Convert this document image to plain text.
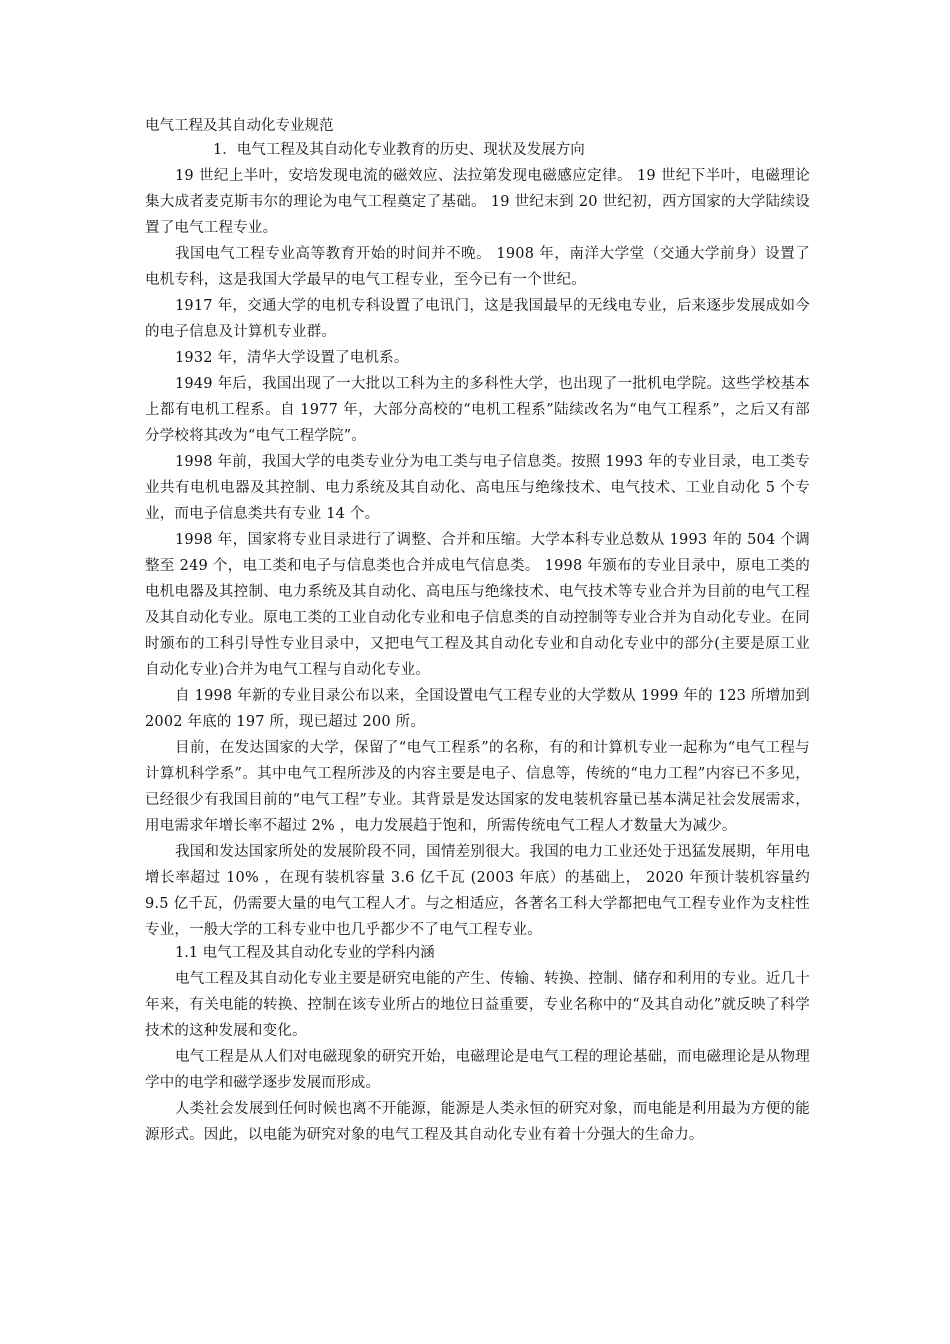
电气工程及其自动化专业规范
1．电气工程及其自动化专业教育的历史、现状及发展方向

19 世纪上半叶，安培发现电流的磁效应、法拉第发现电磁感应定律。 19 世纪下半叶，电磁理论集大成者麦克斯韦尔的理论为电气工程奠定了基础。 19 世纪末到 20 世纪初，西方国家的大学陆续设置了电气工程专业。

我国电气工程专业高等教育开始的时间并不晚。 1908 年，南洋大学堂（交通大学前身）设置了电机专科，这是我国大学最早的电气工程专业，至今已有一个世纪。

1917 年，交通大学的电机专科设置了电讯门，这是我国最早的无线电专业，后来逐步发展成如今的电子信息及计算机专业群。

1932 年，清华大学设置了电机系。

1949 年后，我国出现了一大批以工科为主的多科性大学，也出现了一批机电学院。这些学校基本上都有电机工程系。自 1977 年，大部分高校的“电机工程系”陆续改名为“电气工程系”，之后又有部分学校将其改为“电气工程学院”。

1998 年前，我国大学的电类专业分为电工类与电子信息类。按照 1993 年的专业目录，电工类专业共有电机电器及其控制、电力系统及其自动化、高电压与绝缘技术、电气技术、工业自动化 5 个专业，而电子信息类共有专业 14 个。

1998 年，国家将专业目录进行了调整、合并和压缩。大学本科专业总数从 1993 年的 504 个调整至 249 个，电工类和电子与信息类也合并成电气信息类。 1998 年颁布的专业目录中，原电工类的电机电器及其控制、电力系统及其自动化、高电压与绝缘技术、电气技术等专业合并为目前的电气工程及其自动化专业。原电工类的工业自动化专业和电子信息类的自动控制等专业合并为自动化专业。在同时颁布的工科引导性专业目录中，又把电气工程及其自动化专业和自动化专业中的部分(主要是原工业自动化专业)合并为电气工程与自动化专业。

自 1998 年新的专业目录公布以来，全国设置电气工程专业的大学数从 1999 年的 123 所增加到 2002 年底的 197 所，现已超过 200 所。

目前，在发达国家的大学，保留了“电气工程系”的名称，有的和计算机专业一起称为“电气工程与计算机科学系”。其中电气工程所涉及的内容主要是电子、信息等，传统的“电力工程”内容已不多见，已经很少有我国目前的“电气工程”专业。其背景是发达国家的发电装机容量已基本满足社会发展需求，用电需求年增长率不超过 2% ，电力发展趋于饱和，所需传统电气工程人才数量大为减少。

我国和发达国家所处的发展阶段不同，国情差别很大。我国的电力工业还处于迅猛发展期，年用电增长率超过 10% ，在现有装机容量 3.6 亿千瓦 (2003 年底）的基础上， 2020 年预计装机容量约 9.5 亿千瓦，仍需要大量的电气工程人才。与之相适应，各著名工科大学都把电气工程专业作为支柱性专业，一般大学的工科专业中也几乎都少不了电气工程专业。

1.1 电气工程及其自动化专业的学科内涵

电气工程及其自动化专业主要是研究电能的产生、传输、转换、控制、储存和利用的专业。近几十年来，有关电能的转换、控制在该专业所占的地位日益重要，专业名称中的“及其自动化”就反映了科学技术的这种发展和变化。

电气工程是从人们对电磁现象的研究开始，电磁理论是电气工程的理论基础，而电磁理论是从物理学中的电学和磁学逐步发展而形成。

人类社会发展到任何时候也离不开能源，能源是人类永恒的研究对象，而电能是利用最为方便的能源形式。因此，以电能为研究对象的电气工程及其自动化专业有着十分强大的生命力。
